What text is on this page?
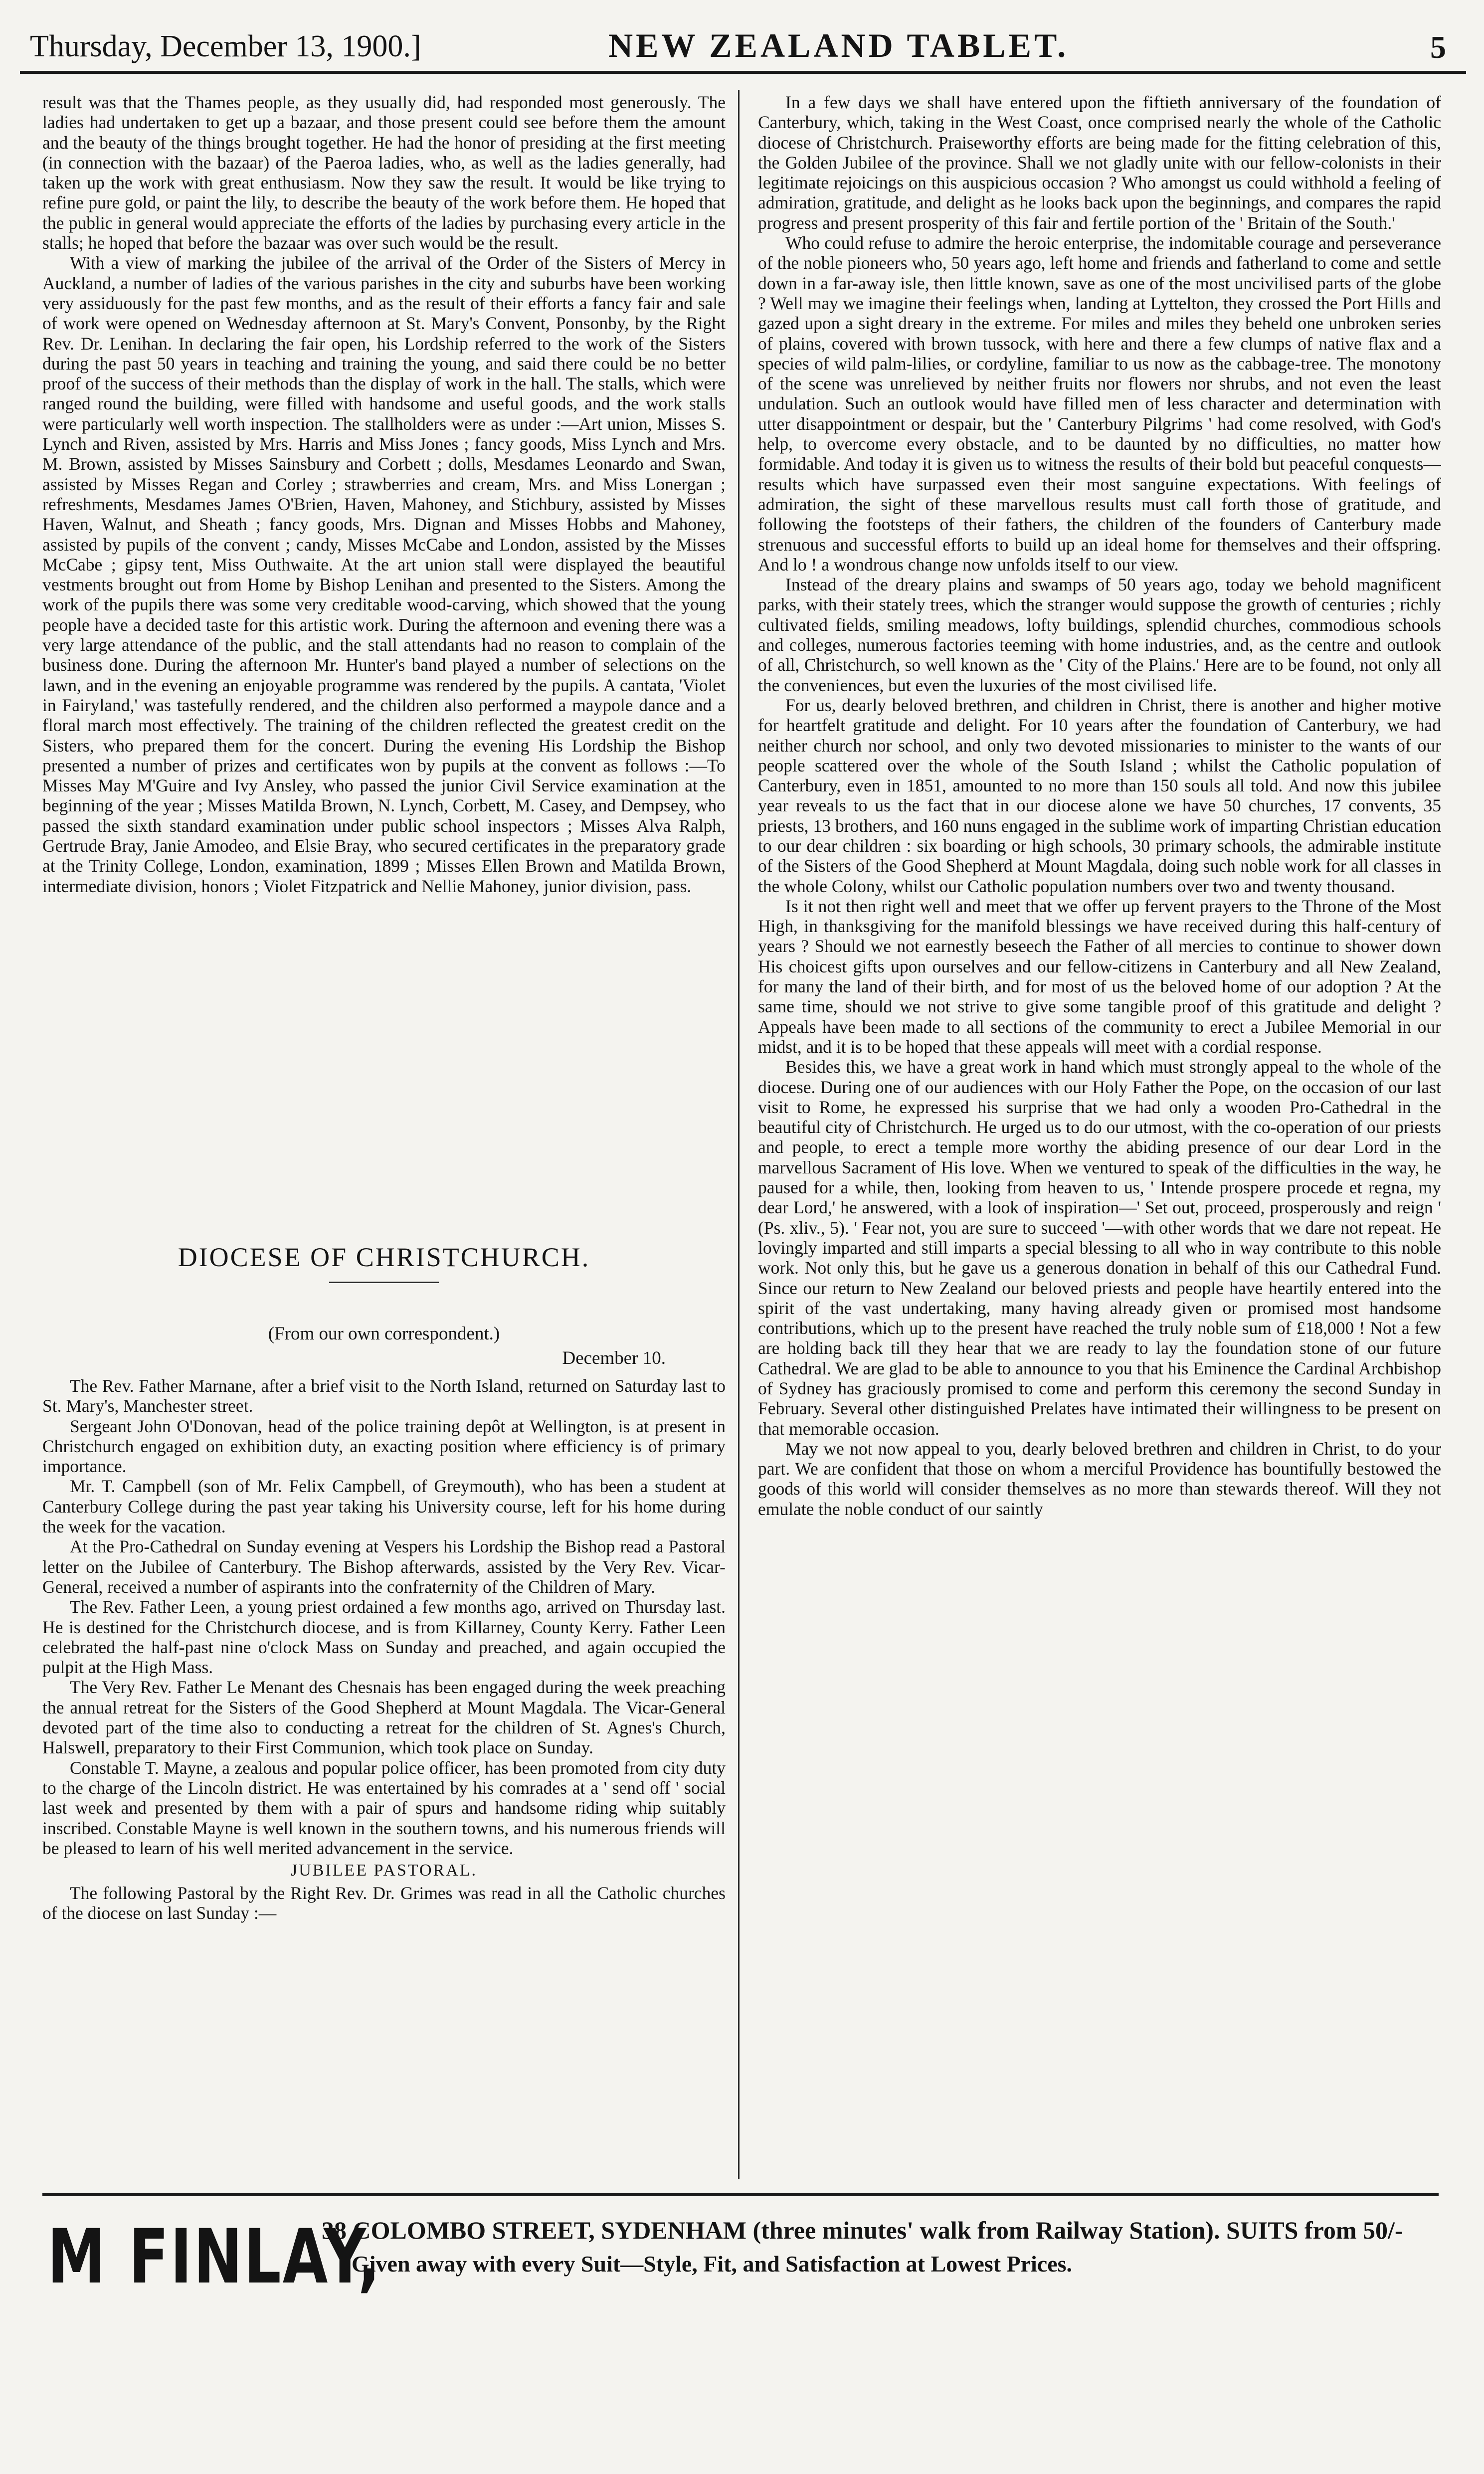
Thursday, December 13, 1900.]	NEW ZEALAND TABLET.	5

result was that the Thames people, as they usually did, had responded most generously. The ladies had undertaken to get up a bazaar, and those present could see before them the amount and the beauty of the things brought together. He had the honor of presiding at the first meeting (in connection with the bazaar) of the Paeroa ladies, who, as well as the ladies generally, had taken up the work with great enthusiasm. Now they saw the result. It would be like trying to refine pure gold, or paint the lily, to describe the beauty of the work before them. He hoped that the public in general would appreciate the efforts of the ladies by purchasing every article in the stalls; he hoped that before the bazaar was over such would be the result.

With a view of marking the jubilee of the arrival of the Order of the Sisters of Mercy in Auckland, a number of ladies of the various parishes in the city and suburbs have been working very assiduously for the past few months, and as the result of their efforts a fancy fair and sale of work were opened on Wednesday afternoon at St. Mary's Convent, Ponsonby, by the Right Rev. Dr. Lenihan. In declaring the fair open, his Lordship referred to the work of the Sisters during the past 50 years in teaching and training the young, and said there could be no better proof of the success of their methods than the display of work in the hall. The stalls, which were ranged round the building, were filled with handsome and useful goods, and the work stalls were particularly well worth inspection. The stallholders were as under :—Art union, Misses S. Lynch and Riven, assisted by Mrs. Harris and Miss Jones ; fancy goods, Miss Lynch and Mrs. M. Brown, assisted by Misses Sainsbury and Corbett ; dolls, Mesdames Leonardo and Swan, assisted by Misses Regan and Corley ; strawberries and cream, Mrs. and Miss Lonergan ; refreshments, Mesdames James O'Brien, Haven, Mahoney, and Stichbury, assisted by Misses Haven, Walnut, and Sheath ; fancy goods, Mrs. Dignan and Misses Hobbs and Mahoney, assisted by pupils of the convent ; candy, Misses McCabe and London, assisted by the Misses McCabe ; gipsy tent, Miss Outhwaite. At the art union stall were displayed the beautiful vestments brought out from Home by Bishop Lenihan and presented to the Sisters. Among the work of the pupils there was some very creditable wood-carving, which showed that the young people have a decided taste for this artistic work. During the afternoon and evening there was a very large attendance of the public, and the stall attendants had no reason to complain of the business done. During the afternoon Mr. Hunter's band played a number of selections on the lawn, and in the evening an enjoyable programme was rendered by the pupils. A cantata, 'Violet in Fairyland,' was tastefully rendered, and the children also performed a maypole dance and a floral march most effectively. The training of the children reflected the greatest credit on the Sisters, who prepared them for the concert. During the evening His Lordship the Bishop presented a number of prizes and certificates won by pupils at the convent as follows :—To Misses May M'Guire and Ivy Ansley, who passed the junior Civil Service examination at the beginning of the year ; Misses Matilda Brown, N. Lynch, Corbett, M. Casey, and Dempsey, who passed the sixth standard examination under public school inspectors ; Misses Alva Ralph, Gertrude Bray, Janie Amodeo, and Elsie Bray, who secured certificates in the preparatory grade at the Trinity College, London, examination, 1899 ; Misses Ellen Brown and Matilda Brown, intermediate division, honors ; Violet Fitzpatrick and Nellie Mahoney, junior division, pass.

DIOCESE OF CHRISTCHURCH.
(From our own correspondent.)
December 10.

The Rev. Father Marnane, after a brief visit to the North Island, returned on Saturday last to St. Mary's, Manchester street.

Sergeant John O'Donovan, head of the police training depôt at Wellington, is at present in Christchurch engaged on exhibition duty, an exacting position where efficiency is of primary importance.

Mr. T. Campbell (son of Mr. Felix Campbell, of Greymouth), who has been a student at Canterbury College during the past year taking his University course, left for his home during the week for the vacation.

At the Pro-Cathedral on Sunday evening at Vespers his Lordship the Bishop read a Pastoral letter on the Jubilee of Canterbury. The Bishop afterwards, assisted by the Very Rev. Vicar-General, received a number of aspirants into the confraternity of the Children of Mary.

The Rev. Father Leen, a young priest ordained a few months ago, arrived on Thursday last. He is destined for the Christchurch diocese, and is from Killarney, County Kerry. Father Leen celebrated the half-past nine o'clock Mass on Sunday and preached, and again occupied the pulpit at the High Mass.

The Very Rev. Father Le Menant des Chesnais has been engaged during the week preaching the annual retreat for the Sisters of the Good Shepherd at Mount Magdala. The Vicar-General devoted part of the time also to conducting a retreat for the children of St. Agnes's Church, Halswell, preparatory to their First Communion, which took place on Sunday.

Constable T. Mayne, a zealous and popular police officer, has been promoted from city duty to the charge of the Lincoln district. He was entertained by his comrades at a ' send off ' social last week and presented by them with a pair of spurs and handsome riding whip suitably inscribed. Constable Mayne is well known in the southern towns, and his numerous friends will be pleased to learn of his well merited advancement in the service.

JUBILEE PASTORAL.

The following Pastoral by the Right Rev. Dr. Grimes was read in all the Catholic churches of the diocese on last Sunday :—

In a few days we shall have entered upon the fiftieth anniversary of the foundation of Canterbury, which, taking in the West Coast, once comprised nearly the whole of the Catholic diocese of Christchurch. Praiseworthy efforts are being made for the fitting celebration of this, the Golden Jubilee of the province. Shall we not gladly unite with our fellow-colonists in their legitimate rejoicings on this auspicious occasion ? Who amongst us could withhold a feeling of admiration, gratitude, and delight as he looks back upon the beginnings, and compares the rapid progress and present prosperity of this fair and fertile portion of the ' Britain of the South.'

Who could refuse to admire the heroic enterprise, the indomitable courage and perseverance of the noble pioneers who, 50 years ago, left home and friends and fatherland to come and settle down in a far-away isle, then little known, save as one of the most uncivilised parts of the globe ? Well may we imagine their feelings when, landing at Lyttelton, they crossed the Port Hills and gazed upon a sight dreary in the extreme. For miles and miles they beheld one unbroken series of plains, covered with brown tussock, with here and there a few clumps of native flax and a species of wild palm-lilies, or cordyline, familiar to us now as the cabbage-tree. The monotony of the scene was unrelieved by neither fruits nor flowers nor shrubs, and not even the least undulation. Such an outlook would have filled men of less character and determination with utter disappointment or despair, but the ' Canterbury Pilgrims ' had come resolved, with God's help, to overcome every obstacle, and to be daunted by no difficulties, no matter how formidable. And today it is given us to witness the results of their bold but peaceful conquests—results which have surpassed even their most sanguine expectations. With feelings of admiration, the sight of these marvellous results must call forth those of gratitude, and following the footsteps of their fathers, the children of the founders of Canterbury made strenuous and successful efforts to build up an ideal home for themselves and their offspring. And lo ! a wondrous change now unfolds itself to our view.

Instead of the dreary plains and swamps of 50 years ago, today we behold magnificent parks, with their stately trees, which the stranger would suppose the growth of centuries ; richly cultivated fields, smiling meadows, lofty buildings, splendid churches, commodious schools and colleges, numerous factories teeming with home industries, and, as the centre and outlook of all, Christchurch, so well known as the ' City of the Plains.' Here are to be found, not only all the conveniences, but even the luxuries of the most civilised life.

For us, dearly beloved brethren, and children in Christ, there is another and higher motive for heartfelt gratitude and delight. For 10 years after the foundation of Canterbury, we had neither church nor school, and only two devoted missionaries to minister to the wants of our people scattered over the whole of the South Island ; whilst the Catholic population of Canterbury, even in 1851, amounted to no more than 150 souls all told. And now this jubilee year reveals to us the fact that in our diocese alone we have 50 churches, 17 convents, 35 priests, 13 brothers, and 160 nuns engaged in the sublime work of imparting Christian education to our dear children : six boarding or high schools, 30 primary schools, the admirable institute of the Sisters of the Good Shepherd at Mount Magdala, doing such noble work for all classes in the whole Colony, whilst our Catholic population numbers over two and twenty thousand.

Is it not then right well and meet that we offer up fervent prayers to the Throne of the Most High, in thanksgiving for the manifold blessings we have received during this half-century of years ? Should we not earnestly beseech the Father of all mercies to continue to shower down His choicest gifts upon ourselves and our fellow-citizens in Canterbury and all New Zealand, for many the land of their birth, and for most of us the beloved home of our adoption ? At the same time, should we not strive to give some tangible proof of this gratitude and delight ? Appeals have been made to all sections of the community to erect a Jubilee Memorial in our midst, and it is to be hoped that these appeals will meet with a cordial response.

Besides this, we have a great work in hand which must strongly appeal to the whole of the diocese. During one of our audiences with our Holy Father the Pope, on the occasion of our last visit to Rome, he expressed his surprise that we had only a wooden Pro-Cathedral in the beautiful city of Christchurch. He urged us to do our utmost, with the co-operation of our priests and people, to erect a temple more worthy the abiding presence of our dear Lord in the marvellous Sacrament of His love. When we ventured to speak of the difficulties in the way, he paused for a while, then, looking from heaven to us, ' Intende prospere procede et regna, my dear Lord,' he answered, with a look of inspiration—' Set out, proceed, prosperously and reign ' (Ps. xliv., 5). ' Fear not, you are sure to succeed '—with other words that we dare not repeat. He lovingly imparted and still imparts a special blessing to all who in way contribute to this noble work. Not only this, but he gave us a generous donation in behalf of this our Cathedral Fund. Since our return to New Zealand our beloved priests and people have heartily entered into the spirit of the vast undertaking, many having already given or promised most handsome contributions, which up to the present have reached the truly noble sum of £18,000 ! Not a few are holding back till they hear that we are ready to lay the foundation stone of our future Cathedral. We are glad to be able to announce to you that his Eminence the Cardinal Archbishop of Sydney has graciously promised to come and perform this ceremony the second Sunday in February. Several other distinguished Prelates have intimated their willingness to be present on that memorable occasion.

May we not now appeal to you, dearly beloved brethren and children in Christ, to do your part. We are confident that those on whom a merciful Providence has bountifully bestowed the goods of this world will consider themselves as no more than stewards thereof. Will they not emulate the noble conduct of our saintly

M FINLAY,
38 COLOMBO STREET, SYDENHAM (three minutes' walk from Railway Station). SUITS from 50/-
Given away with every Suit—Style, Fit, and Satisfaction at Lowest Prices.
